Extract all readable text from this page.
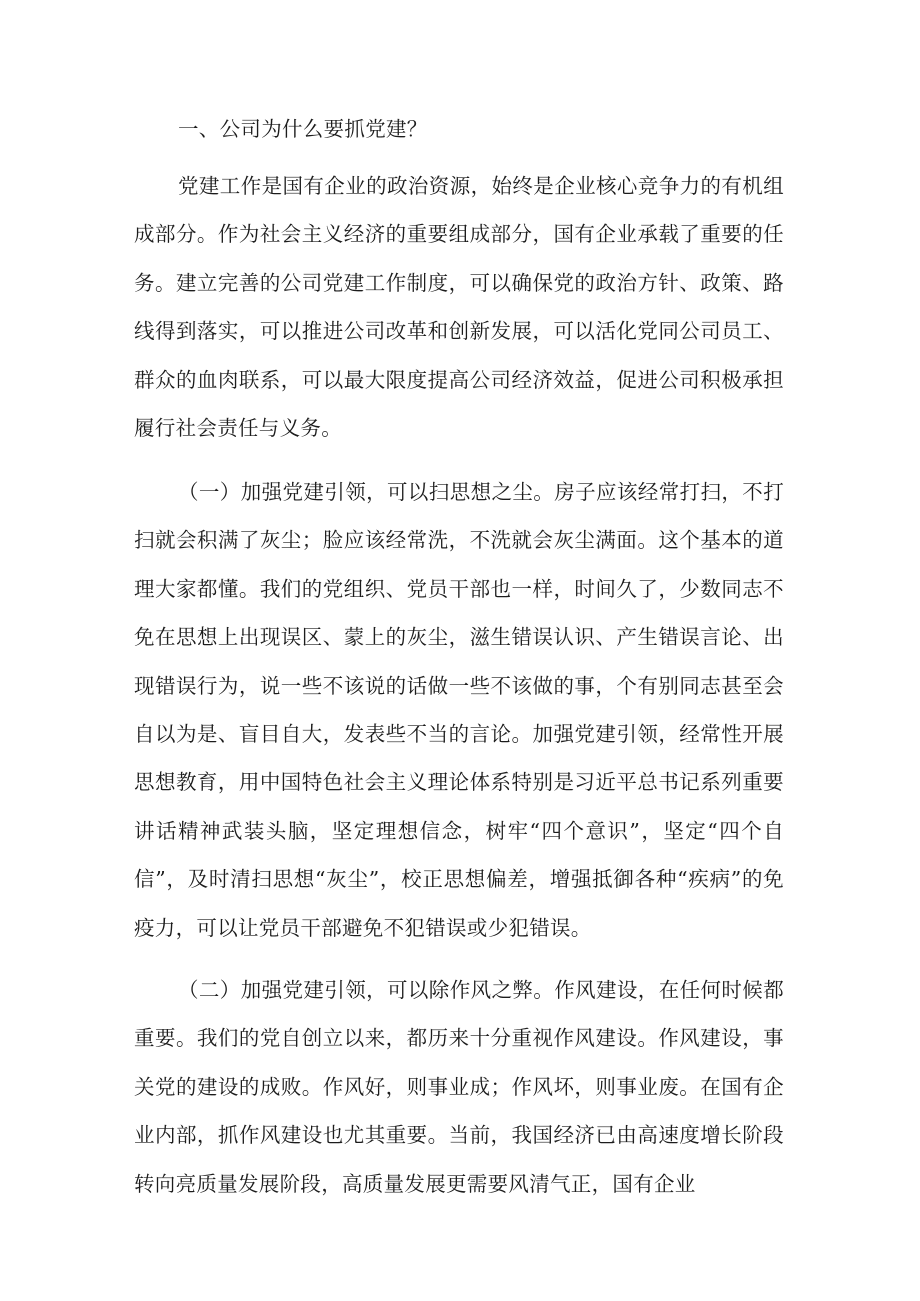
一、公司为什么要抓党建？

党建工作是国有企业的政治资源，始终是企业核心竞争力的有机组成部分。作为社会主义经济的重要组成部分，国有企业承载了重要的任务。建立完善的公司党建工作制度，可以确保党的政治方针、政策、路线得到落实，可以推进公司改革和创新发展，可以活化党同公司员工、群众的血肉联系，可以最大限度提高公司经济效益，促进公司积极承担履行社会责任与义务。

（一）加强党建引领，可以扫思想之尘。房子应该经常打扫，不打扫就会积满了灰尘；脸应该经常洗，不洗就会灰尘满面。这个基本的道理大家都懂。我们的党组织、党员干部也一样，时间久了，少数同志不免在思想上出现误区、蒙上的灰尘，滋生错误认识、产生错误言论、出现错误行为，说一些不该说的话做一些不该做的事，个有别同志甚至会自以为是、盲目自大，发表些不当的言论。加强党建引领，经常性开展思想教育，用中国特色社会主义理论体系特别是习近平总书记系列重要讲话精神武装头脑，坚定理想信念，树牢“四个意识”，坚定“四个自信”，及时清扫思想“灰尘”，校正思想偏差，增强抵御各种“疾病”的免疫力，可以让党员干部避免不犯错误或少犯错误。

（二）加强党建引领，可以除作风之弊。作风建设，在任何时候都重要。我们的党自创立以来，都历来十分重视作风建设。作风建设，事关党的建设的成败。作风好，则事业成；作风坏，则事业废。在国有企业内部，抓作风建设也尤其重要。当前，我国经济已由高速度增长阶段转向亮质量发展阶段，高质量发展更需要风清气正，国有企业
